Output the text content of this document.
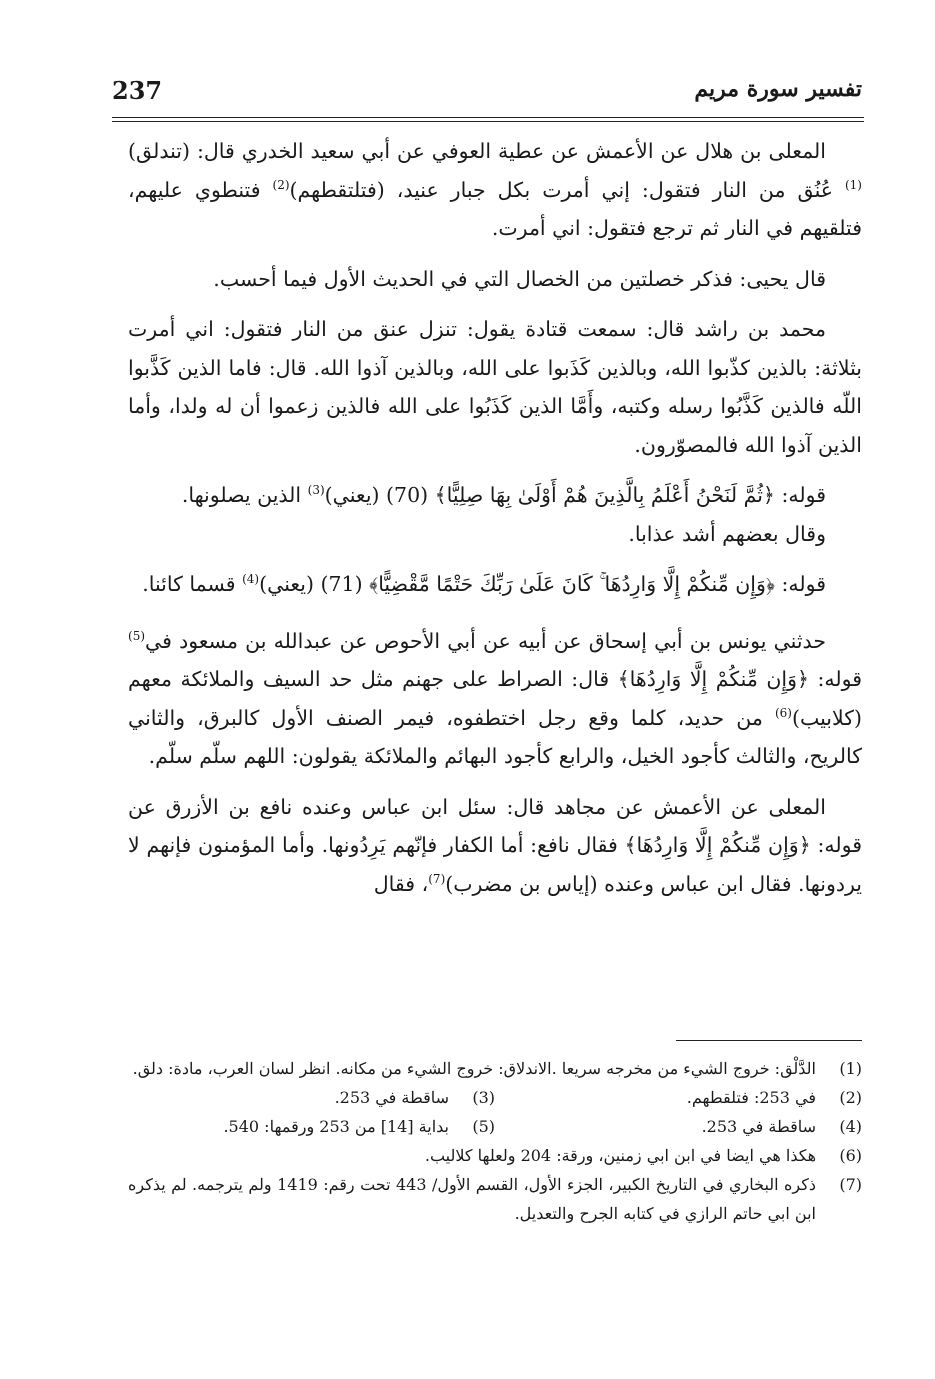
237	تفسير سورة مريم

المعلى بن هلال عن الأعمش عن عطية العوفي عن أبي سعيد الخدري قال: (تندلق)$^{(1)}$ عُنُق من النار فتقول: إني أمرت بكل جبار عنيد، (فتلتقطهم)$^{(2)}$ فتنطوي عليهم، فتلقيهم في النار ثم ترجع فتقول: اني أمرت.

قال يحيى: فذكر خصلتين من الخصال التي في الحديث الأول فيما أحسب.

محمد بن راشد قال: سمعت قتادة يقول: تنزل عنق من النار فتقول: اني أمرت بثلاثة: بالذين كذّبوا الله، وبالذين كَذَبوا على الله، وبالذين آذوا الله. قال: فاما الذين كَذَّبوا اللّه فالذين كَذَّبُوا رسله وكتبه، وأَمَّا الذين كَذَبُوا على الله فالذين زعموا أن له ولدا، وأما الذين آذوا الله فالمصوّرون.

قوله: ﴿ثُمَّ لَنَحْنُ أَعْلَمُ بِالَّذِينَ هُمْ أَوْلَىٰ بِهَا صِلِيًّا﴾ (70) (يعني)$^{(3)}$ الذين يصلونها.

وقال بعضهم أشد عذابا.

قوله: ﴿وَإِن مِّنكُمْ إِلَّا وَارِدُهَا ۚ كَانَ عَلَىٰ رَبِّكَ حَتْمًا مَّقْضِيًّا﴾ (71) (يعني)$^{(4)}$ قسما كائنا.

حدثني يونس بن أبي إسحاق عن أبيه عن أبي الأحوص عن عبدالله بن مسعود في$^{(5)}$ قوله: ﴿وَإِن مِّنكُمْ إِلَّا وَارِدُهَا﴾ قال: الصراط على جهنم مثل حد السيف والملائكة معهم (كلابيب)$^{(6)}$ من حديد، كلما وقع رجل اختطفوه، فيمر الصنف الأول كالبرق، والثاني كالريح، والثالث كأجود الخيل، والرابع كأجود البهائم والملائكة يقولون: اللهم سلّم سلّم.

المعلى عن الأعمش عن مجاهد قال: سئل ابن عباس وعنده نافع بن الأزرق عن قوله: ﴿وَإِن مِّنكُمْ إِلَّا وَارِدُهَا﴾ فقال نافع: أما الكفار فإنّهم يَرِدُونها. وأما المؤمنون فإنهم لا يردونها. فقال ابن عباس وعنده (إياس بن مضرب)$^{(7)}$، فقال

(1)
الدَّلْق: خروج الشيء من مخرجه سريعا .الاندلاق: خروج الشيء من مكانه. انظر لسان العرب، مادة: دلق.
(2)
في 253: فتلقطهم.
(3)
ساقطة في 253.
(4)
ساقطة في 253.
(5)
بداية [14] من 253 ورقمها: 540.
(6)
هكذا هي ايضا في ابن ابي زمنين، ورقة: 204 ولعلها كلاليب.
(7)
ذكره البخاري في التاريخ الكبير، الجزء الأول، القسم الأول/ 443 تحت رقم: 1419 ولم يترجمه. لم يذكره ابن ابي حاتم الرازي في كتابه الجرح والتعديل.
